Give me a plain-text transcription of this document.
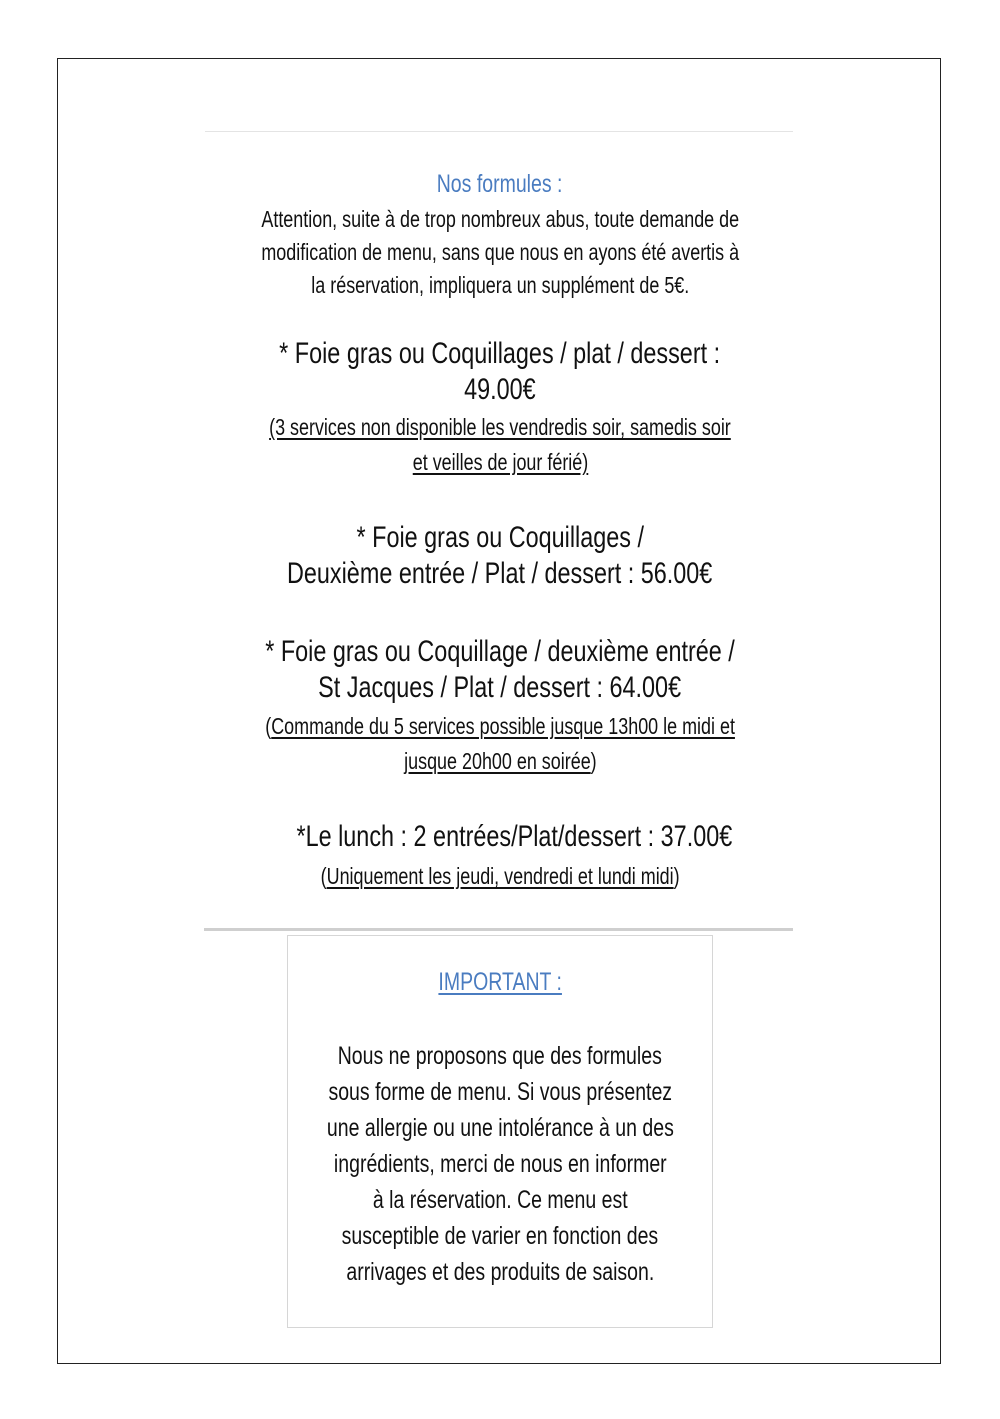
Nos formules :
Attention, suite à de trop nombreux abus, toute demande de
modification de menu, sans que nous en ayons été avertis à
la réservation, impliquera un supplément de 5€.
* Foie gras ou Coquillages / plat / dessert :
49.00€
(3 services non disponible les vendredis soir, samedis soir
et veilles de jour férié)
* Foie gras ou Coquillages /
Deuxième entrée / Plat / dessert : 56.00€
* Foie gras ou Coquillage / deuxième entrée /
St Jacques / Plat / dessert : 64.00€
(Commande du 5 services possible jusque 13h00 le midi et
jusque 20h00 en soirée)
*Le lunch : 2 entrées/Plat/dessert : 37.00€
(Uniquement les jeudi, vendredi et lundi midi)
IMPORTANT :
Nous ne proposons que des formules
sous forme de menu. Si vous présentez
une allergie ou une intolérance à un des
ingrédients, merci de nous en informer
à la réservation. Ce menu est
susceptible de varier en fonction des
arrivages et des produits de saison.
